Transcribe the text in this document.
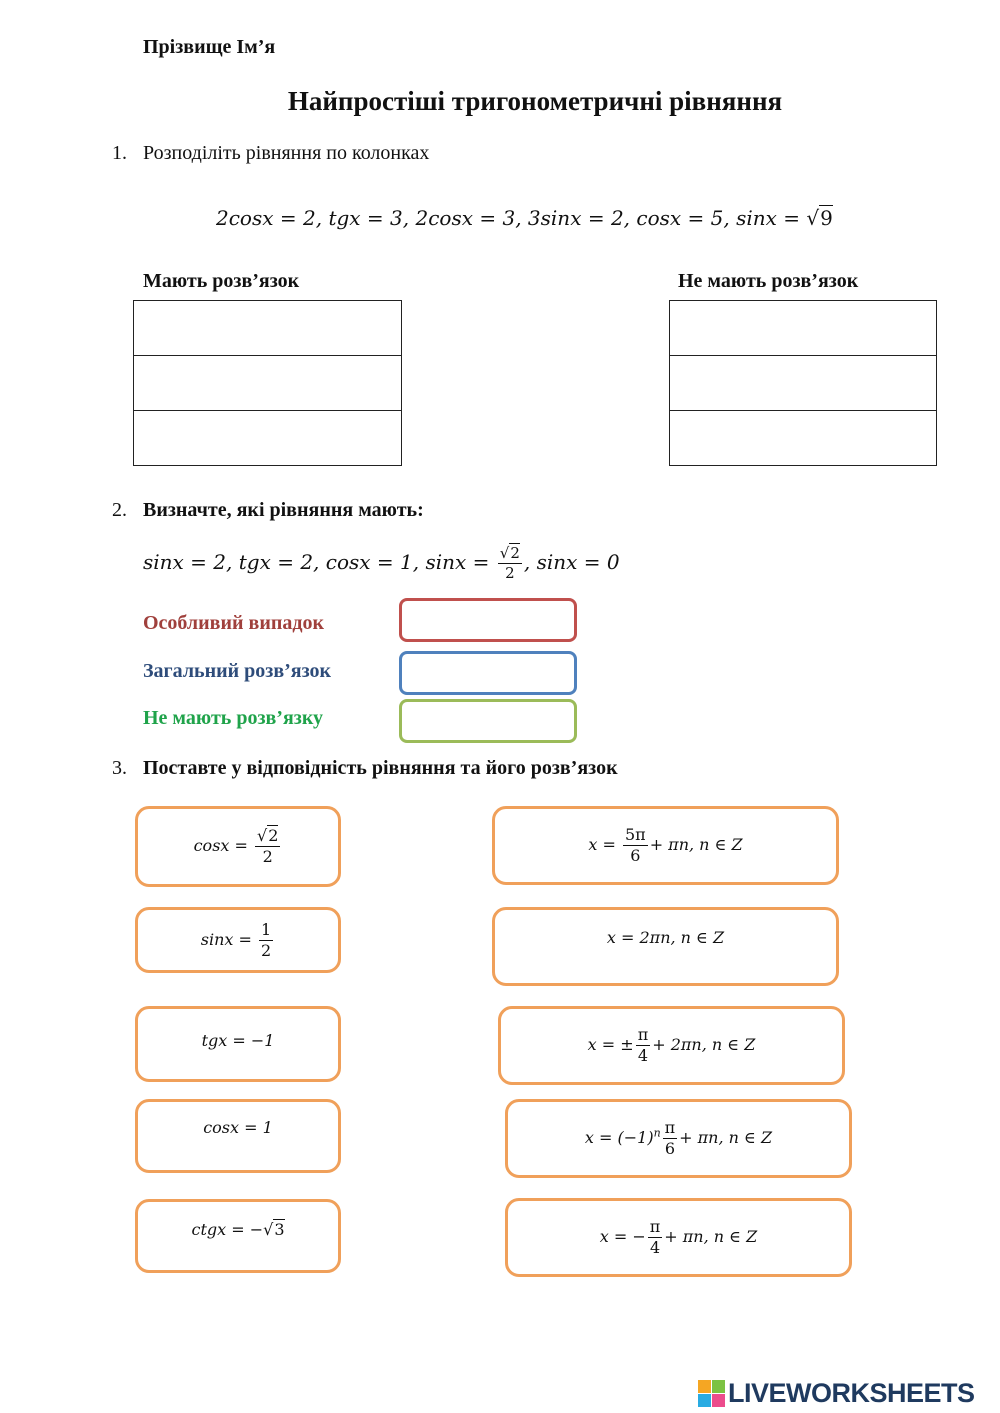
Прізвище Ім’я
Найпростіші тригонометричні рівняння
1. Розподіліть рівняння по колонках
2cosx = 2, tgx = 3, 2cosx = 3, 3sinx = 2, cosx = 5, sinx = √9
Мають розв’язок	Не мають розв’язок
2. Визначте, які рівняння мають:
sinx = 2, tgx = 2, cosx = 1, $\sin x = \frac{√2}{2}$ , sinx = 0
Особливий випадок
Загальний розв’язок
Не мають розв’язку
3. Поставте у відповідність рівняння та його розв’язок
$\cos x = \frac{√2}{2}$
$\sin x = \frac{1}{2}$
tgx = −1
cosx = 1
ctgx = −√3
$x = \frac{5\pi}{6} + \pi n$, n ∈ Z
x = 2πn, n ∈ Z
x = ± $\frac{\pi}{4} + 2\pi n$, n ∈ Z
$x = (-1)^n \frac{\pi}{6} + \pi n$, n ∈ Z
x = − $\frac{\pi}{4} + \pi n$, n ∈ Z
LIVEWORKSHEETS
